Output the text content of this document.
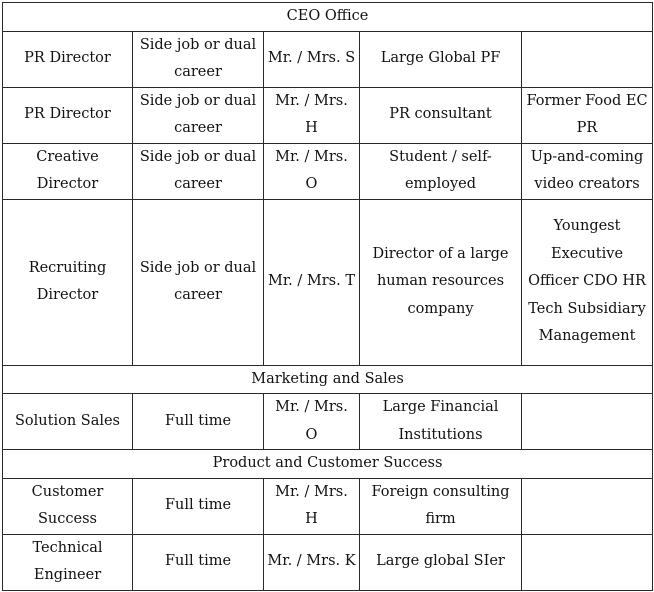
CEO Office				
PR Director	Side job or dual career	Mr. / Mrs. S	Large Global PF	
PR Director	Side job or dual career	Mr. / Mrs. H	PR consultant	Former Food EC PR
Creative Director	Side job or dual career	Mr. / Mrs. O	Student / self-employed	Up-and-coming video creators
Recruiting Director	Side job or dual career	Mr. / Mrs. T	Director of a large human resources company	Youngest Executive Officer CDO HR Tech Subsidiary Management
Marketing and Sales				
Solution Sales	Full time	Mr. / Mrs. O	Large Financial Institutions	
Product and Customer Success				
Customer Success	Full time	Mr. / Mrs. H	Foreign consulting firm	
Technical Engineer	Full time	Mr. / Mrs. K	Large global SIer	
